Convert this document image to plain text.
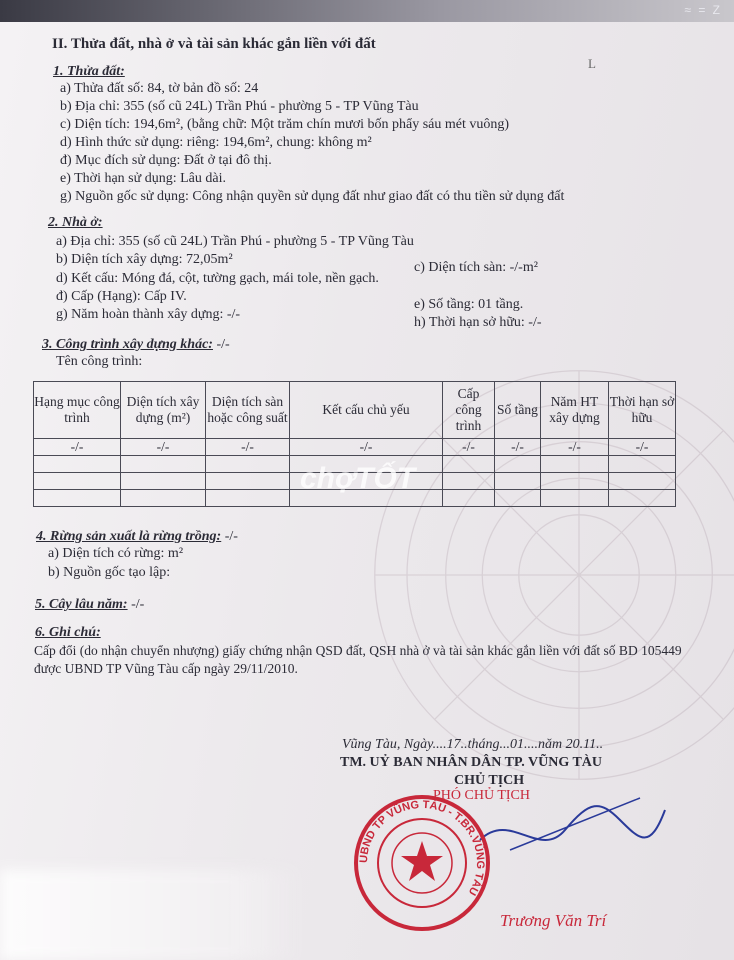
≈ = Z
II. Thửa đất, nhà ở và tài sản khác gắn liền với đất
L
1. Thửa đất:
a) Thửa đất số: 84, tờ bản đồ số: 24
b) Địa chỉ: 355 (số cũ 24L) Trần Phú - phường 5 - TP Vũng Tàu
c) Diện tích: 194,6m², (bằng chữ: Một trăm chín mươi bốn phẩy sáu mét vuông)
d) Hình thức sử dụng: riêng: 194,6m², chung: không m²
đ) Mục đích sử dụng: Đất ở tại đô thị.
e) Thời hạn sử dụng: Lâu dài.
g) Nguồn gốc sử dụng: Công nhận quyền sử dụng đất như giao đất có thu tiền sử dụng đất
2. Nhà ở:
a) Địa chỉ: 355 (số cũ 24L) Trần Phú - phường 5 - TP Vũng Tàu
b) Diện tích xây dựng: 72,05m²
c) Diện tích sàn: -/-m²
d) Kết cấu: Móng đá, cột, tường gạch, mái tole, nền gạch.
đ) Cấp (Hạng): Cấp IV.
e) Số tầng: 01 tầng.
g) Năm hoàn thành xây dựng: -/-
h) Thời hạn sở hữu: -/-
3. Công trình xây dựng khác: -/-
Tên công trình:
Hạng mục công trình	Diện tích xây dựng (m²)	Diện tích sàn hoặc công suất	Kết cấu chủ yếu	Cấp công trình	Số tầng	Năm HT xây dựng	Thời hạn sở hữu
-/-	-/-	-/-	-/-	-/-	-/-	-/-	-/-

chợTỐT
4. Rừng sản xuất là rừng trồng: -/-
a) Diện tích có rừng: m²
b) Nguồn gốc tạo lập:
5. Cây lâu năm: -/-
6. Ghi chú:
Cấp đổi (do nhận chuyển nhượng) giấy chứng nhận QSD đất, QSH nhà ở và tài sản khác gắn liền với đất số BD 105449
được UBND TP Vũng Tàu cấp ngày 29/11/2010.
Vũng Tàu, Ngày....17..tháng...01....năm 20.11..
TM. UỶ BAN NHÂN DÂN TP. VŨNG TÀU
CHỦ TỊCH
PHÓ CHỦ TỊCH
UBND TP VŨNG TÀU - T.BR.VŨNG TÀU
Trương Văn Trí
